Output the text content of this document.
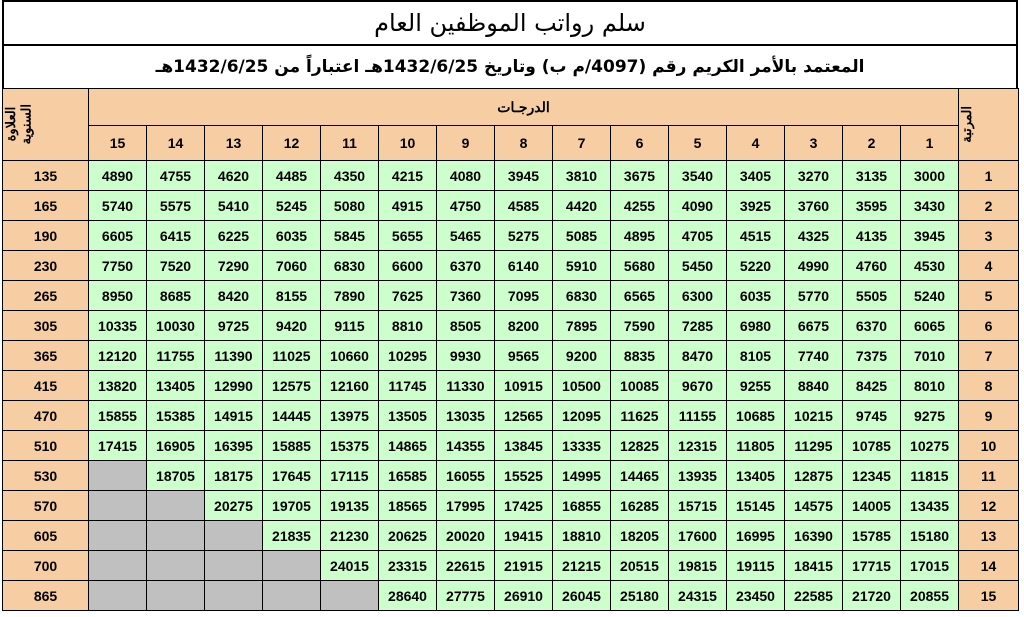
سلم رواتب الموظفين العام
المعتمد بالأمر الكريم رقم (4097/م ب) وتاريخ 1432/6/25هـ اعتباراً من 1432/6/25هـ
العلاوة
السنوية	الدرجـات															المرتبة

	15	14	13	12	11	10	9	8	7	6	5	4	3	2	1	
135	4890	4755	4620	4485	4350	4215	4080	3945	3810	3675	3540	3405	3270	3135	3000	1
165	5740	5575	5410	5245	5080	4915	4750	4585	4420	4255	4090	3925	3760	3595	3430	2
190	6605	6415	6225	6035	5845	5655	5465	5275	5085	4895	4705	4515	4325	4135	3945	3
230	7750	7520	7290	7060	6830	6600	6370	6140	5910	5680	5450	5220	4990	4760	4530	4
265	8950	8685	8420	8155	7890	7625	7360	7095	6830	6565	6300	6035	5770	5505	5240	5
305	10335	10030	9725	9420	9115	8810	8505	8200	7895	7590	7285	6980	6675	6370	6065	6
365	12120	11755	11390	11025	10660	10295	9930	9565	9200	8835	8470	8105	7740	7375	7010	7
415	13820	13405	12990	12575	12160	11745	11330	10915	10500	10085	9670	9255	8840	8425	8010	8
470	15855	15385	14915	14445	13975	13505	13035	12565	12095	11625	11155	10685	10215	9745	9275	9
510	17415	16905	16395	15885	15375	14865	14355	13845	13335	12825	12315	11805	11295	10785	10275	10
530		18705	18175	17645	17115	16585	16055	15525	14995	14465	13935	13405	12875	12345	11815	11
570			20275	19705	19135	18565	17995	17425	16855	16285	15715	15145	14575	14005	13435	12
605				21835	21230	20625	20020	19415	18810	18205	17600	16995	16390	15785	15180	13
700					24015	23315	22615	21915	21215	20515	19815	19115	18415	17715	17015	14
865						28640	27775	26910	26045	25180	24315	23450	22585	21720	20855	15
